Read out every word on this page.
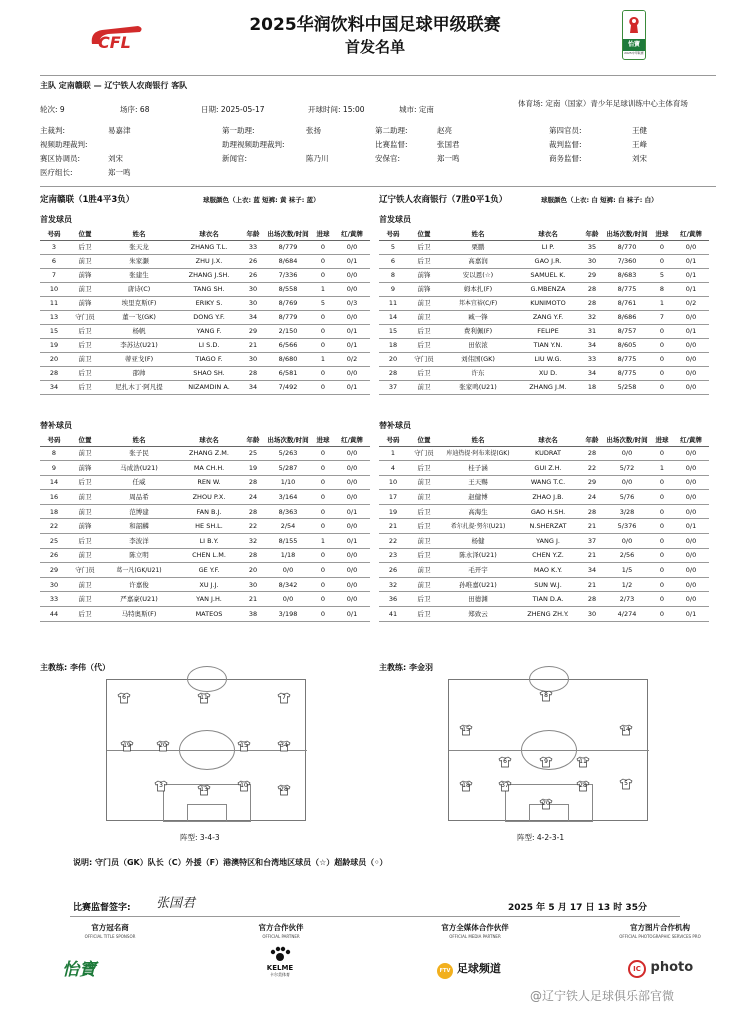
CFL
2025华润饮料中国足球甲级联赛
首发名单	怡寶
2025中甲联赛
主队 定南赣联 — 辽宁铁人农商银行 客队
轮次: 9	场序: 68	日期: 2025-05-17	开球时间: 15:00	城市: 定南
体育场: 定南（国家）青少年足球训练中心主体育场
主裁判:	易嘉津	第一助理:	张扬	第二助理:	赵亮	第四官员:	王健
视频助理裁判:	助理视频助理裁判:	比赛监督:	张国君	裁判监督:	王峰
赛区协调员:	刘宋	新闻官:	陈乃川	安保官:	郑一鸣	商务监督:	刘宋
医疗组长:	郑一鸣
定南赣联（1胜4平3负）	球服颜色（上衣: 蓝 短裤: 黄 袜子: 蓝）	辽宁铁人农商银行（7胜0平1负）	球服颜色（上衣: 白 短裤: 白 袜子: 白）
首发球员	首发球员
号码	位置	姓名	球衣名	年龄	出场次数/时间	进球	红/黄牌
3	后卫	张天龙	ZHANG T.L.	33	8/779	0	0/0
6	前卫	朱家灏	ZHU J.X.	26	8/684	0	0/1
7	前锋	张建生	ZHANG J.SH.	26	7/336	0	0/0
10	前卫	唐诗(C)	TANG SH.	30	8/558	1	0/0
11	前锋	埃里克斯(F)	ERIKY S.	30	8/769	5	0/3
13	守门员	董一飞(GK)	DONG Y.F.	34	8/779	0	0/0
15	后卫	杨帆	YANG F.	29	2/150	0	0/1
19	后卫	李苏达(U21)	LI S.D.	21	6/566	0	0/1
20	前卫	蒂亚戈(F)	TIAGO F.	30	8/680	1	0/2
28	后卫	邵帅	SHAO SH.	28	6/581	0	0/0
34	后卫	尼扎木丁·阿凡提	NIZAMDIN A.	34	7/492	0	0/1
号码	位置	姓名	球衣名	年龄	出场次数/时间	进球	红/黄牌
5	后卫	栗鹏	LI P.	35	8/770	0	0/0
6	后卫	高嘉润	GAO J.R.	30	7/360	0	0/1
8	前锋	安以恩(☆)	SAMUEL K.	29	8/683	5	0/1
9	前锋	姆本扎(F)	G.MBENZA	28	8/775	8	0/1
11	前卫	邦本宜裕(C/F)	KUNIMOTO	28	8/761	1	0/2
14	前卫	臧一锋	ZANG Y.F.	32	8/686	7	0/0
15	后卫	费利佩(F)	FELIPE	31	8/757	0	0/1
18	后卫	田依浓	TIAN Y.N.	34	8/605	0	0/0
20	守门员	刘伟国(GK)	LIU W.G.	33	8/775	0	0/0
28	后卫	许东	XU D.	34	8/775	0	0/0
37	前卫	张家鸣(U21)	ZHANG J.M.	18	5/258	0	0/0
替补球员	替补球员
号码	位置	姓名	球衣名	年龄	出场次数/时间	进球	红/黄牌
8	前卫	张子民	ZHANG Z.M.	25	5/263	0	0/0
9	前锋	马成浩(U21)	MA CH.H.	19	5/287	0	0/0
14	后卫	任威	REN W.	28	1/10	0	0/0
16	前卫	周品希	ZHOU P.X.	24	3/164	0	0/0
18	前卫	范博建	FAN B.J.	28	8/363	0	0/1
22	前锋	和韶麟	HE SH.L.	22	2/54	0	0/0
25	后卫	李波洋	LI B.Y.	32	8/155	1	0/1
26	前卫	陈立明	CHEN L.M.	28	1/18	0	0/0
29	守门员	葛一凡(GK/U21)	GE Y.F.	20	0/0	0	0/0
30	前卫	许嘉俊	XU J.J.	30	8/342	0	0/0
33	前卫	严嘉豪(U21)	YAN J.H.	21	0/0	0	0/0
44	后卫	马特奥斯(F)	MATEOS	38	3/198	0	0/1
号码	位置	姓名	球衣名	年龄	出场次数/时间	进球	红/黄牌
1	守门员	库迪热提·阿布来提(GK)	KUDRAT	28	0/0	0	0/0
4	后卫	桂子涵	GUI Z.H.	22	5/72	1	0/0
10	前卫	王天赐	WANG T.C.	29	0/0	0	0/0
17	前卫	赵健博	ZHAO J.B.	24	5/76	0	0/0
19	后卫	高海生	GAO H.SH.	28	3/28	0	0/0
21	后卫	希尔扎提·努尔(U21)	N.SHERZAT	21	5/376	0	0/1
22	前卫	杨健	YANG J.	37	0/0	0	0/0
23	后卫	陈永泽(U21)	CHEN Y.Z.	21	2/56	0	0/0
26	前卫	毛开宇	MAO K.Y.	34	1/5	0	0/0
32	前卫	孙唯嘉(U21)	SUN W.J.	21	1/2	0	0/0
36	后卫	田德渊	TIAN D.A.	28	2/73	0	0/0
41	后卫	郑致云	ZHENG ZH.Y.	30	4/274	0	0/1
主教练: 李伟（代）	主教练: 李金羽
13
20	15
28
19	34
11	7
6
3	10
20
37	28
18	5
6	9
15	14
11
8
阵型: 3-4-3	阵型: 4-2-3-1
说明: 守门员（GK）队长（C）外援（F）港澳特区和台湾地区球员（☆）超龄球员（◦）
比赛监督签字: 张国君	2025 年 5 月 17 日 13 时 35分
官方冠名商
OFFICIAL TITLE SPONSOR
官方合作伙伴
OFFICIAL PARTNER
官方全媒体合作伙伴
OFFICIAL MEDIA PARTNER
官方图片合作机构
OFFICIAL PHOTOGRAPHIC SERVICES PRO
怡寶	KELME
卡尔美体育
FTV 足球频道	IC photo
@辽宁铁人足球俱乐部官微
